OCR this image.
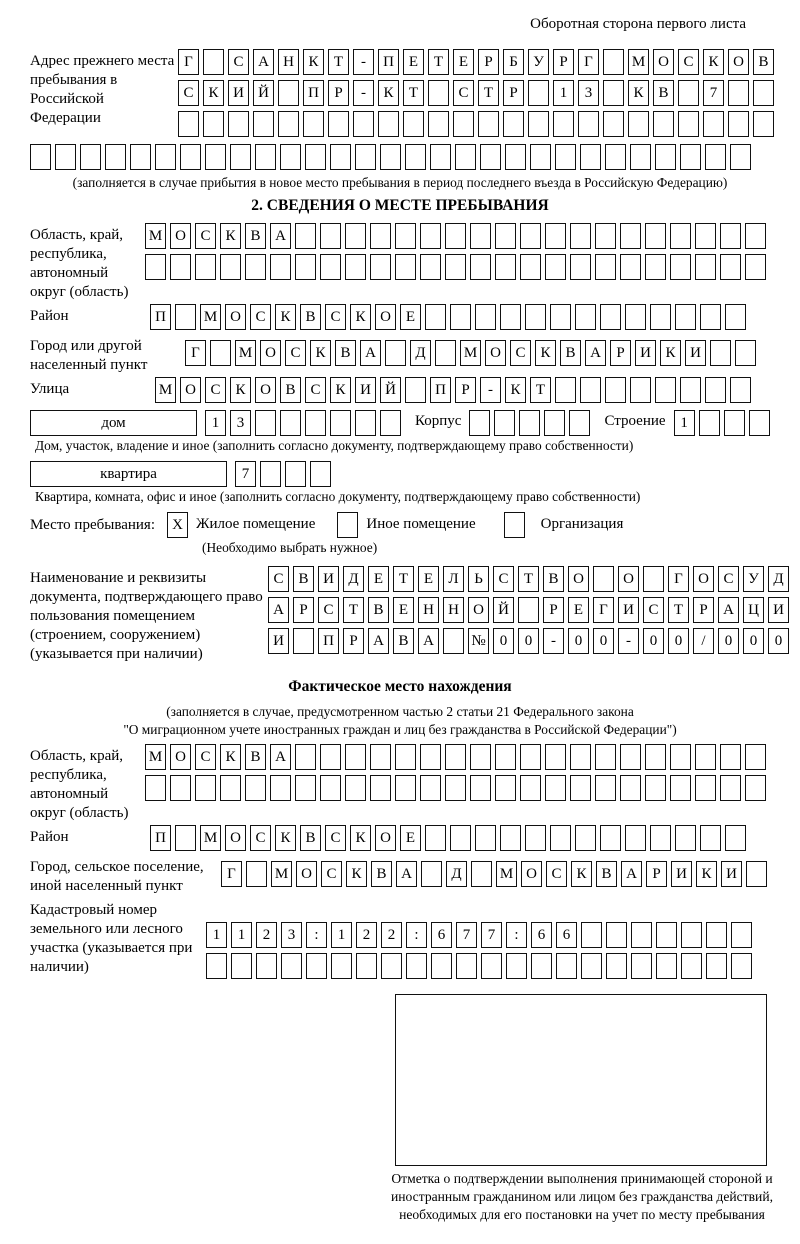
Оборотная сторона первого листа
Адрес прежнего места пребывания в Российской Федерации
Г	С А Н К	Т	-	П Е	Т	Е	Р	Б	У	Р	Г	М О С К О В
С К И Й	П	Р	-	К	Т	С	Т	Р	1	3	К В	7
(заполняется в случае прибытия в новое место пребывания в период последнего въезда в Российскую Федерацию)
2. СВЕДЕНИЯ О МЕСТЕ ПРЕБЫВАНИЯ
Область, край, республика, автономный округ (область)
М О С К В А
Район	П	М О С К В С К О Е
Город или другой населенный пункт
Г	М О С К В А	Д	М О С К В А	Р	И К И
Улица	М О С К О В С К И Й	П	Р	-	К	Т
дом	1	3	Корпус	Строение 1
Дом, участок, владение и иное (заполнить согласно документу, подтверждающему право собственности)
квартира	7
Квартира, комната, офис и иное (заполнить согласно документу, подтверждающему право собственности)
Место пребывания:	X Жилое помещение	Иное помещение	Организация
(Необходимо выбрать нужное)
Наименование и реквизиты документа, подтверждающего право пользования помещением (строением, сооружением) (указывается при наличии)
С В И Д	Е	Т	Е	Л	Ь	С	Т	В О	О	Г	О С У Д
А	Р	С	Т	В	Е	Н Н О Й	Р	Е	Г	И С	Т	Р	А Ц И
И	П	Р	А В А	№ 0	0	-	0	0	-	0	0	/	0	0	0
Фактическое место нахождения
(заполняется в случае, предусмотренном частью 2 статьи 21 Федерального закона
"О миграционном учете иностранных граждан и лиц без гражданства в Российской Федерации")
Область, край, республика, автономный округ (область)
М О С К В А
Район	П	М О С К В С К О Е
Город, сельское поселение, иной населенный пункт
Г	М О С К В А	Д	М О С К В А	Р	И К И
Кадастровый номер земельного или лесного участка (указывается при наличии)
1	1	2	3	:	1	2	2	:	6	7	7	:	6	6
Отметка о подтверждении выполнения принимающей стороной и иностранным гражданином или лицом без гражданства действий, необходимых для его постановки на учет по месту пребывания
